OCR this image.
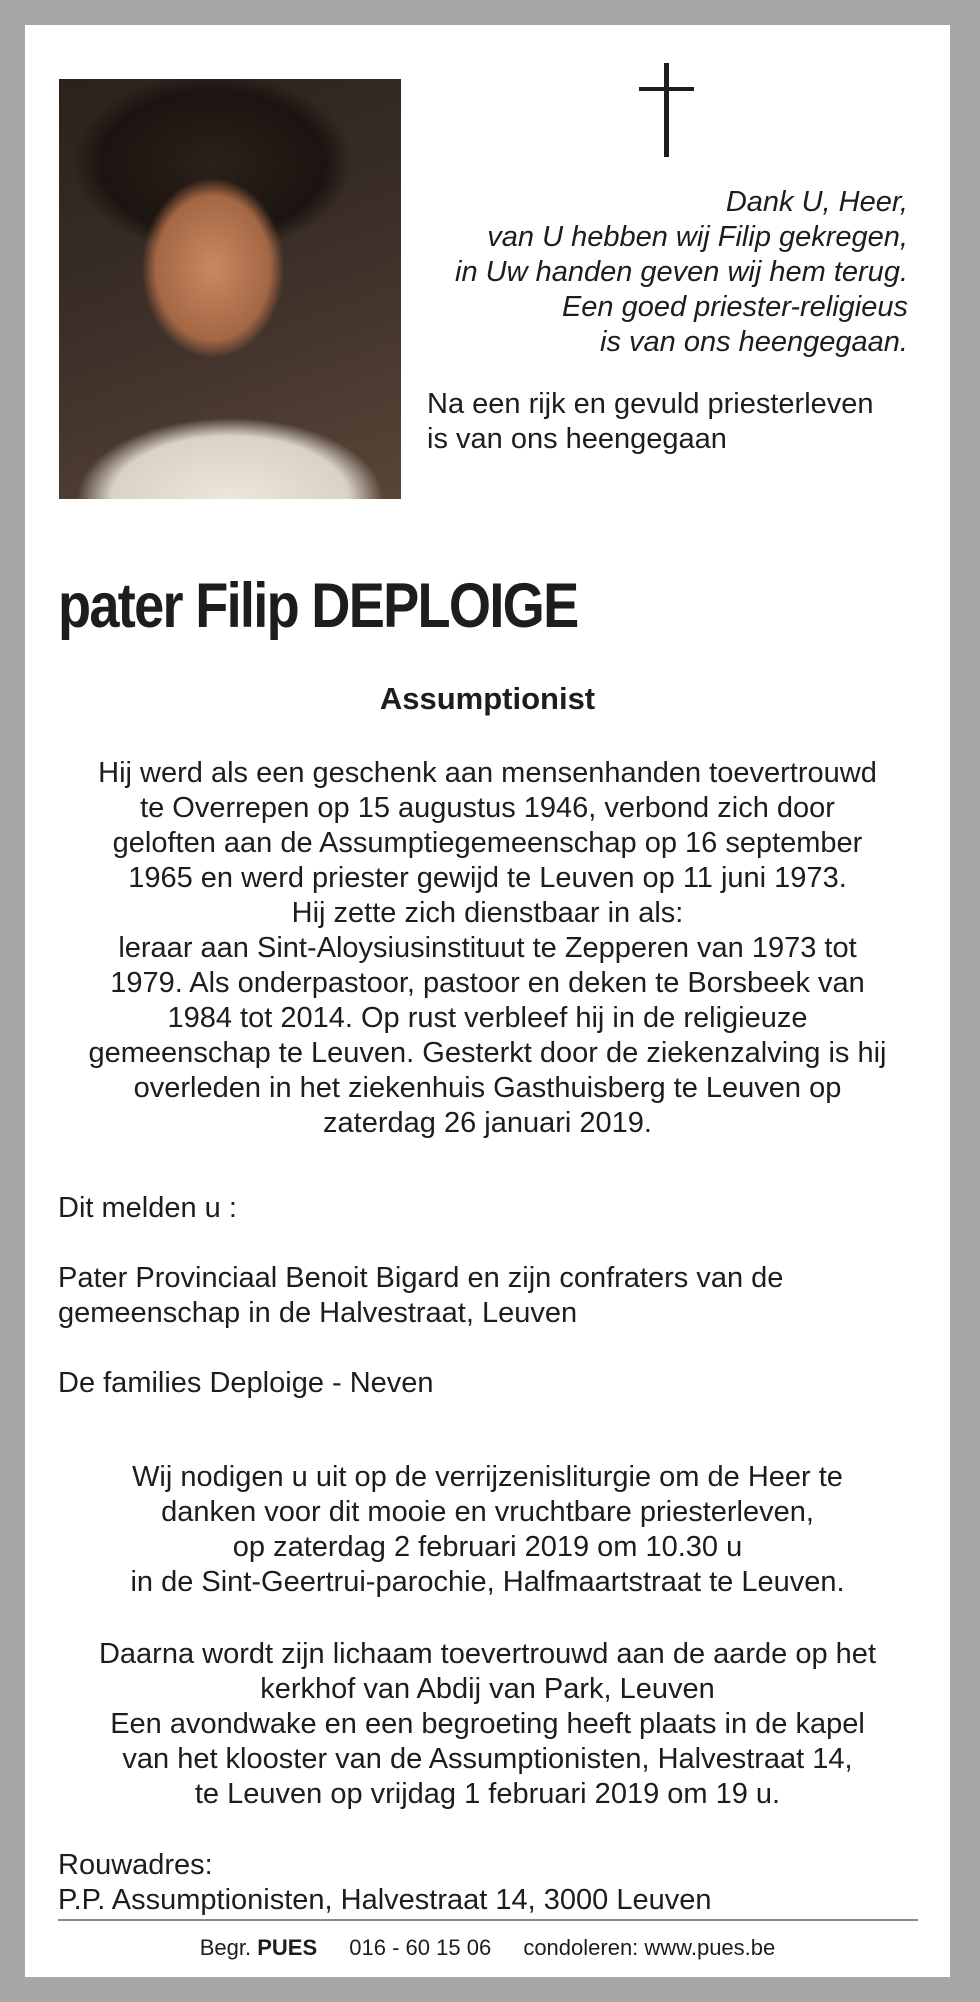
Dank U, Heer,
van U hebben wij Filip gekregen,
in Uw handen geven wij hem terug.
Een goed priester-religieus
is van ons heengegaan.
Na een rijk en gevuld priesterleven
is van ons heengegaan
pater Filip DEPLOIGE
Assumptionist
Hij werd als een geschenk aan mensenhanden toevertrouwd
te Overrepen op 15 augustus 1946, verbond zich door
geloften aan de Assumptiegemeenschap op 16 september
1965 en werd priester gewijd te Leuven op 11 juni 1973.
Hij zette zich dienstbaar in als:
leraar aan Sint-Aloysiusinstituut te Zepperen van 1973 tot
1979. Als onderpastoor, pastoor en deken te Borsbeek van
1984 tot 2014. Op rust verbleef hij in de religieuze
gemeenschap te Leuven. Gesterkt door de ziekenzalving is hij
overleden in het ziekenhuis Gasthuisberg te Leuven op
zaterdag 26 januari 2019.
Dit melden u :
Pater Provinciaal Benoit Bigard en zijn confraters van de
gemeenschap in de Halvestraat, Leuven
De families Deploige - Neven
Wij nodigen u uit op de verrijzenisliturgie om de Heer te
danken voor dit mooie en vruchtbare priesterleven,
op zaterdag 2 februari 2019 om 10.30 u
in de Sint-Geertrui-parochie, Halfmaartstraat te Leuven.
Daarna wordt zijn lichaam toevertrouwd aan de aarde op het
kerkhof van Abdij van Park, Leuven
Een avondwake en een begroeting heeft plaats in de kapel
van het klooster van de Assumptionisten, Halvestraat 14,
te Leuven op vrijdag 1 februari 2019 om 19 u.
Rouwadres:
P.P. Assumptionisten, Halvestraat 14, 3000 Leuven
Begr. PUES 016 - 60 15 06 condoleren: www.pues.be
